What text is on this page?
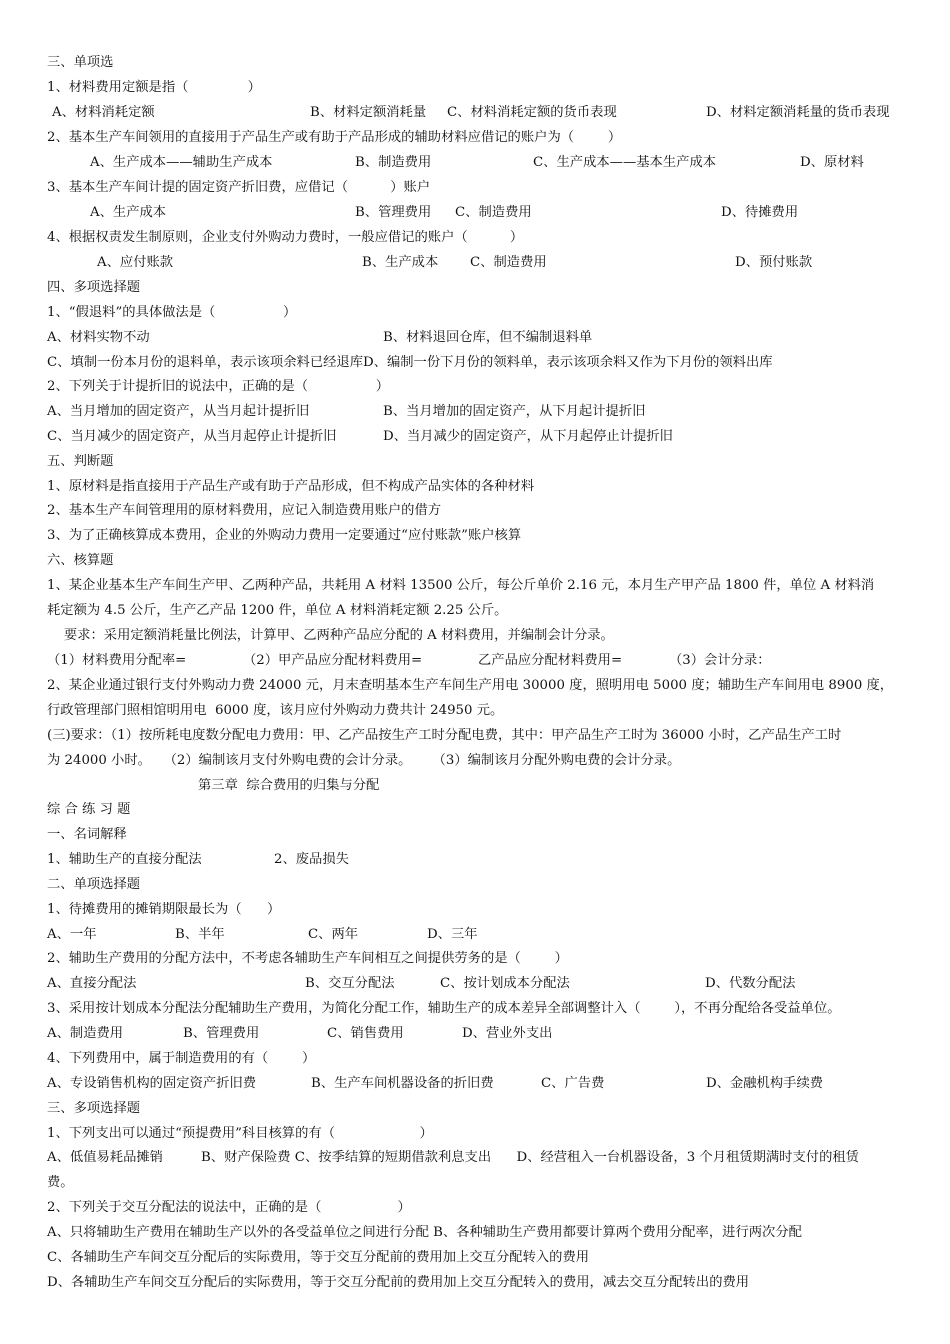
三、单项选
1、材料费用定额是指（              ）
A、材料消耗定额	B、材料定额消耗量 C、材料消耗定额的货币表现	D、材料定额消耗量的货币表现
2、基本生产车间领用的直接用于产品生产或有助于产品形成的辅助材料应借记的账户为（        ）
A、生产成本——辅助生产成本	B、制造费用	C、生产成本——基本生产成本	D、原材料
3、基本生产车间计提的固定资产折旧费，应借记（          ）账户
A、生产成本	B、管理费用 C、制造费用	D、待摊费用
4、根据权责发生制原则，企业支付外购动力费时，一般应借记的账户（          ）
A、应付账款	B、生产成本 C、制造费用	D、预付账款
四、多项选择题
1、“假退料”的具体做法是（                ）
A、材料实物不动	B、材料退回仓库，但不编制退料单
C、填制一份本月份的退料单，表示该项余料已经退库D、编制一份下月份的领料单，表示该项余料又作为下月份的领料出库
2、下列关于计提折旧的说法中，正确的是（                ）
A、当月增加的固定资产，从当月起计提折旧	B、当月增加的固定资产，从下月起计提折旧
C、当月减少的固定资产，从当月起停止计提折旧	D、当月减少的固定资产，从下月起停止计提折旧
五、判断题
1、原材料是指直接用于产品生产或有助于产品形成，但不构成产品实体的各种材料
2、基本生产车间管理用的原材料费用，应记入制造费用账户的借方
3、为了正确核算成本费用，企业的外购动力费用一定要通过“应付账款”账户核算
六、核算题
1、某企业基本生产车间生产甲、乙两种产品，共耗用 A 材料 13500 公斤，每公斤单价 2.16 元，本月生产甲产品 1800 件，单位 A 材料消
耗定额为 4.5 公斤，生产乙产品 1200 件，单位 A 材料消耗定额 2.25 公斤。
要求：采用定额消耗量比例法，计算甲、乙两种产品应分配的 A 材料费用，并编制会计分录。
（1）材料费用分配率=	（2）甲产品应分配材料费用=	乙产品应分配材料费用=	（3）会计分录：
2、某企业通过银行支付外购动力费 24000 元，月末查明基本生产车间生产用电 30000 度，照明用电 5000 度；辅助生产车间用电 8900 度，
行政管理部门照相馆明用电  6000 度，该月应付外购动力费共计 24950 元。
(三)要求：（1）按所耗电度数分配电力费用：甲、乙产品按生产工时分配电费，其中：甲产品生产工时为 36000 小时，乙产品生产工时
为 24000 小时。   （2）编制该月支付外购电费的会计分录。     （3）编制该月分配外购电费的会计分录。
第三章  综合费用的归集与分配
综 合 练 习 题
一、名词解释
1、辅助生产的直接分配法	2、废品损失
二、单项选择题
1、待摊费用的摊销期限最长为（      ）
A、一年	B、半年	C、两年	D、三年
2、辅助生产费用的分配方法中，不考虑各辅助生产车间相互之间提供劳务的是（        ）
A、直接分配法	B、交互分配法	C、按计划成本分配法	D、代数分配法
3、采用按计划成本分配法分配辅助生产费用，为简化分配工作，辅助生产的成本差异全部调整计入（        ），不再分配给各受益单位。
A、制造费用	B、管理费用	C、销售费用	D、营业外支出
4、下列费用中，属于制造费用的有（        ）
A、专设销售机构的固定资产折旧费	B、生产车间机器设备的折旧费	C、广告费	D、金融机构手续费
三、多项选择题
1、下列支出可以通过“预提费用”科目核算的有（                    ）
A、低值易耗品摊销         B、财产保险费 C、按季结算的短期借款利息支出      D、经营租入一台机器设备，3 个月租赁期满时支付的租赁
费。
2、下列关于交互分配法的说法中，正确的是（                  ）
A、只将辅助生产费用在辅助生产以外的各受益单位之间进行分配 B、各种辅助生产费用都要计算两个费用分配率，进行两次分配
C、各辅助生产车间交互分配后的实际费用，等于交互分配前的费用加上交互分配转入的费用
D、各辅助生产车间交互分配后的实际费用，等于交互分配前的费用加上交互分配转入的费用，减去交互分配转出的费用
